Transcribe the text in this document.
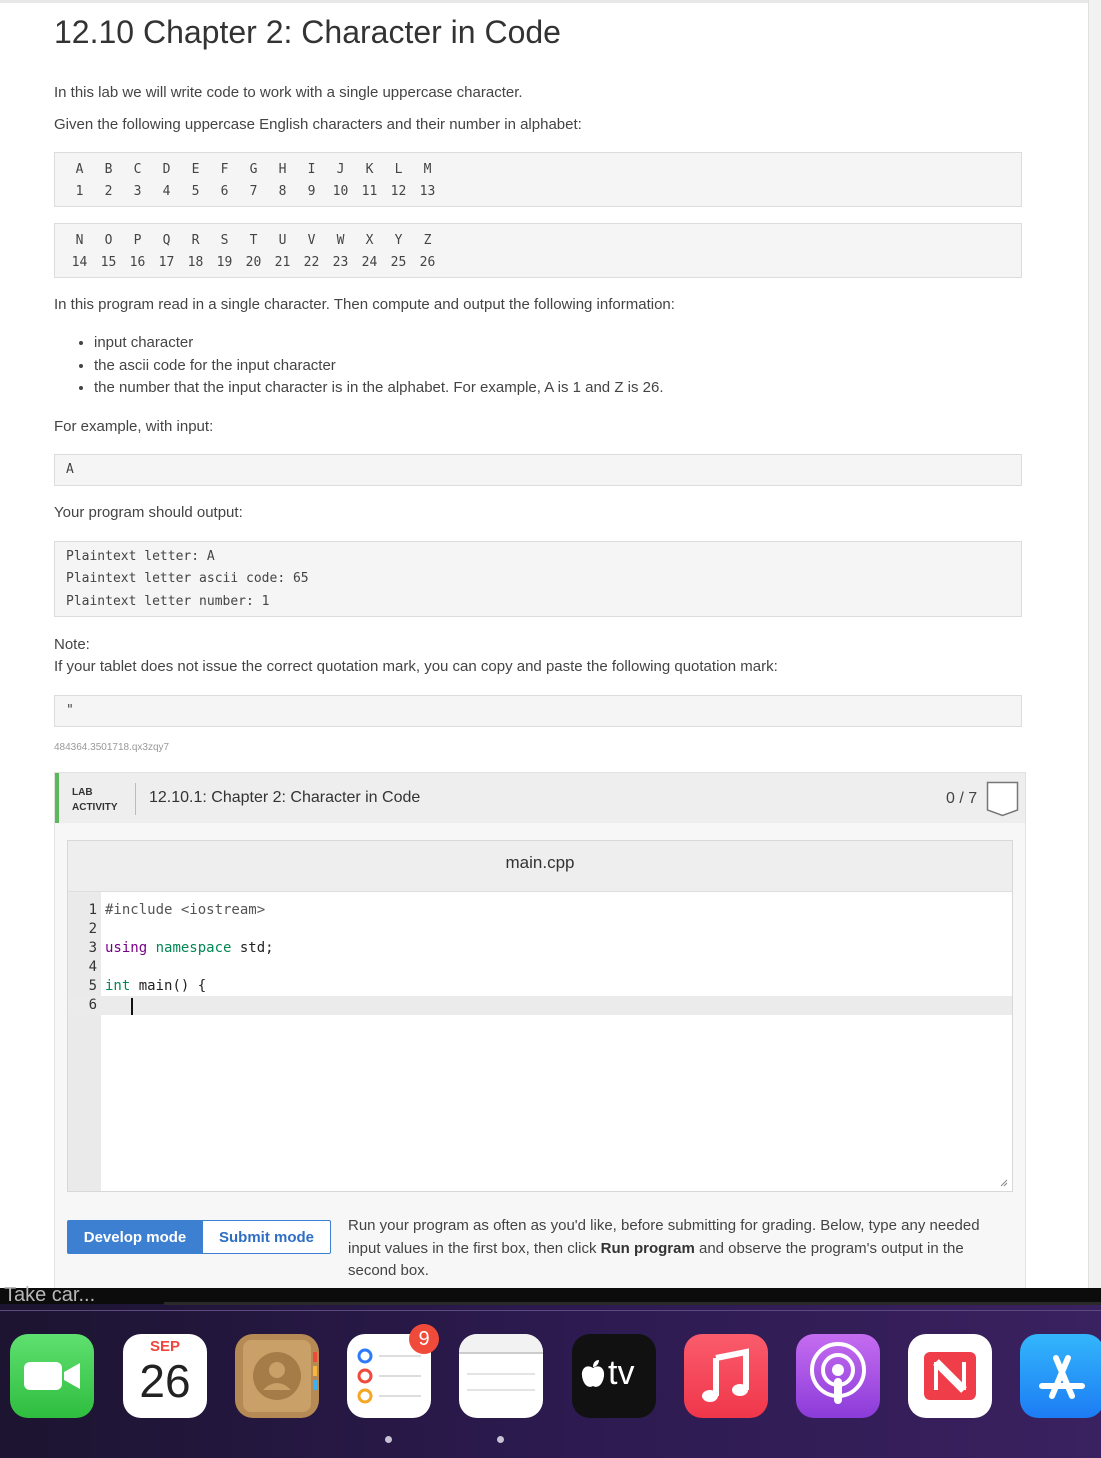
12.10 Chapter 2: Character in Code

In this lab we will write code to work with a single uppercase character.

Given the following uppercase English characters and their number in alphabet:

A	B	C	D	E	F	G	H	I	J	K	L	M
1	2	3	4	5	6	7	8	9	10	11	12	13
N	O	P	Q	R	S	T	U	V	W	X	Y	Z
14	15	16	17	18	19	20	21	22	23	24	25	26

In this program read in a single character. Then compute and output the following information:

• input character
• the ascii code for the input character
• the number that the input character is in the alphabet. For example, A is 1 and Z is 26.

For example, with input:

A

Your program should output:

Plaintext letter: A
Plaintext letter ascii code: 65
Plaintext letter number: 1

Note:

If your tablet does not issue the correct quotation mark, you can copy and paste the following quotation mark:

"
484364.3501718.qx3zqy7
LAB
ACTIVITY
12.10.1: Chapter 2: Character in Code	0 / 7
main.cpp
1 #include <iostream>
2
3 using namespace std;
4
5 int main() {
6
Develop mode	Submit mode
Run your program as often as you'd like, before submitting for grading. Below, type any needed input values in the first box, then click Run program and observe the program's output in the second box.
Take car...
SEP
26
9
tv
